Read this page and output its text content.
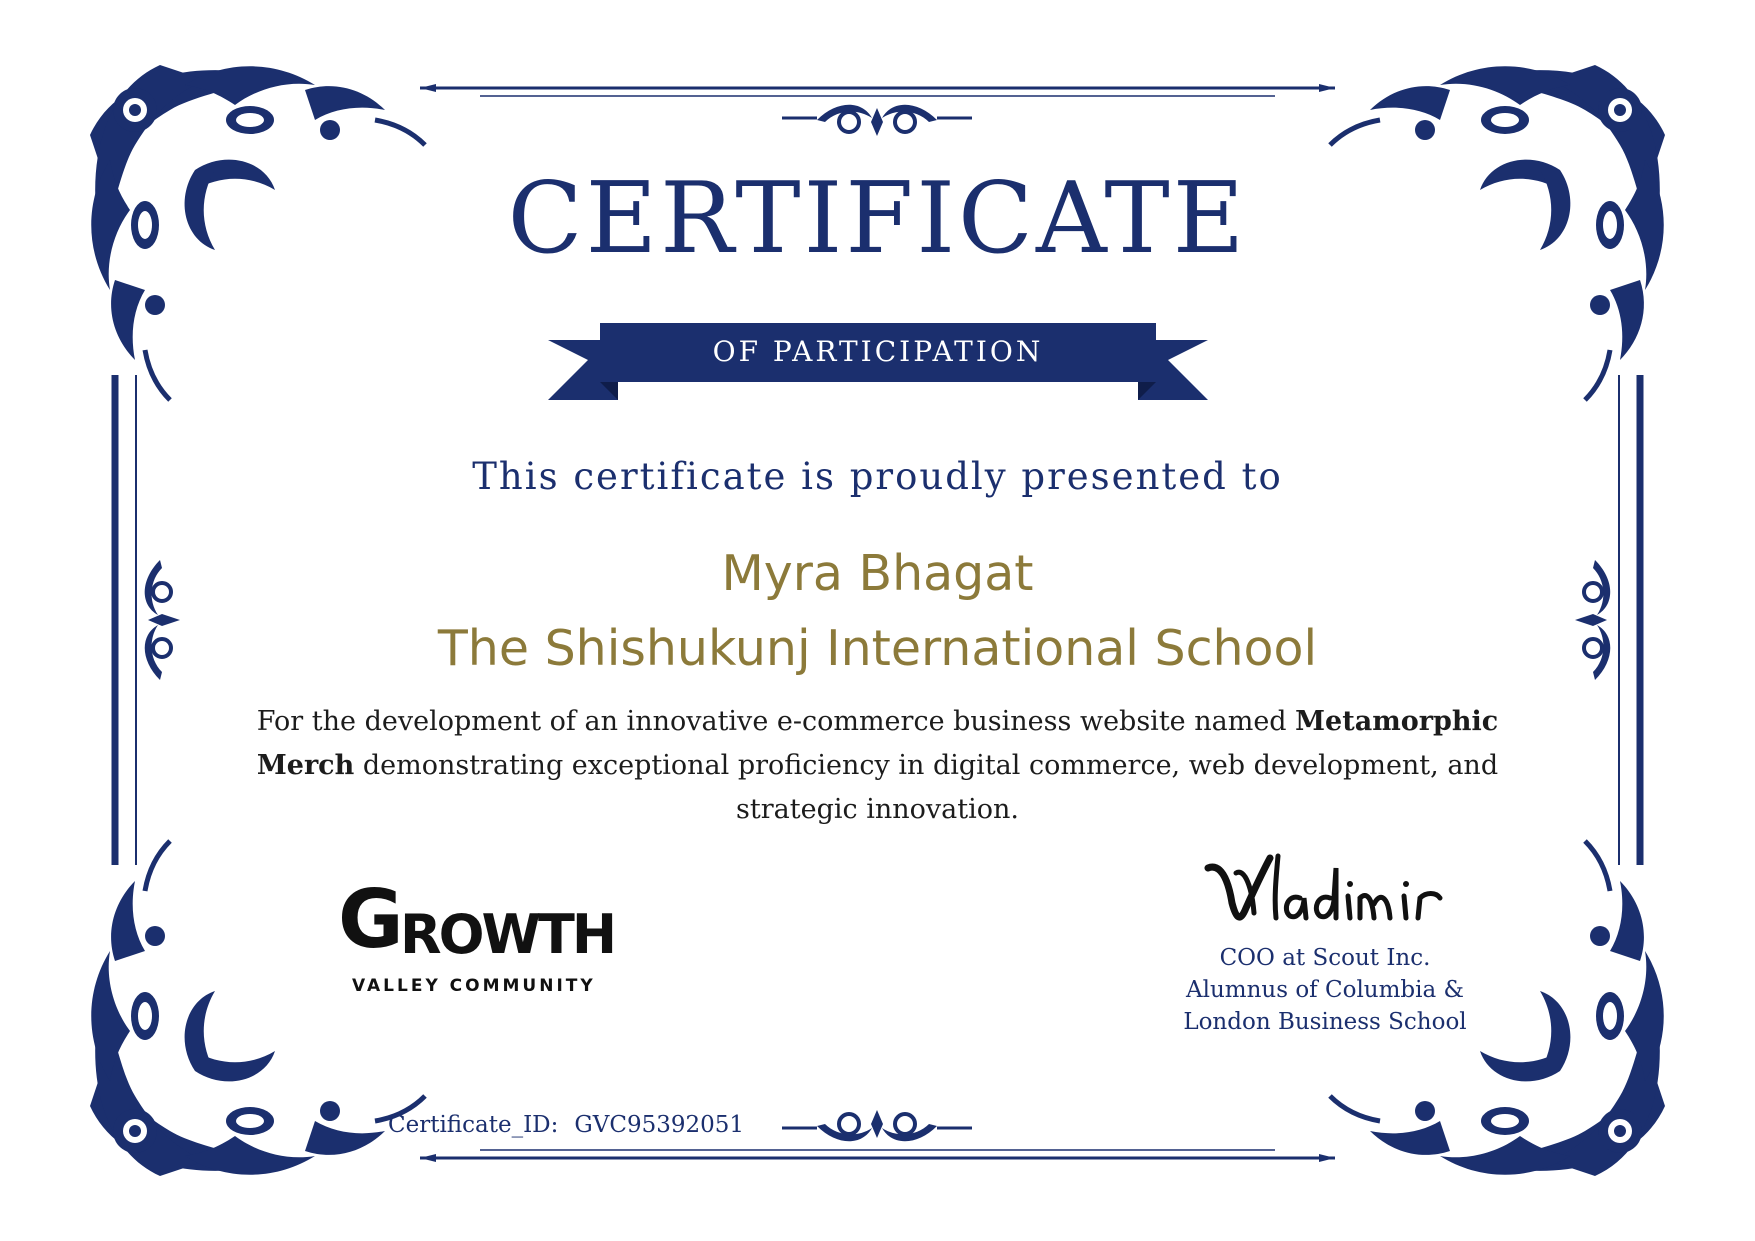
CERTIFICATE
OF PARTICIPATION
This certificate is proudly presented to
Myra Bhagat
The Shishukunj International School
For the development of an innovative e-commerce business website named Metamorphic Merch demonstrating exceptional proficiency in digital commerce, web development, and strategic innovation.
G ROWTH
VALLEY COMMUNITY
COO at Scout Inc.
Alumnus of Columbia &
London Business School
Certificate_ID: GVC95392051
